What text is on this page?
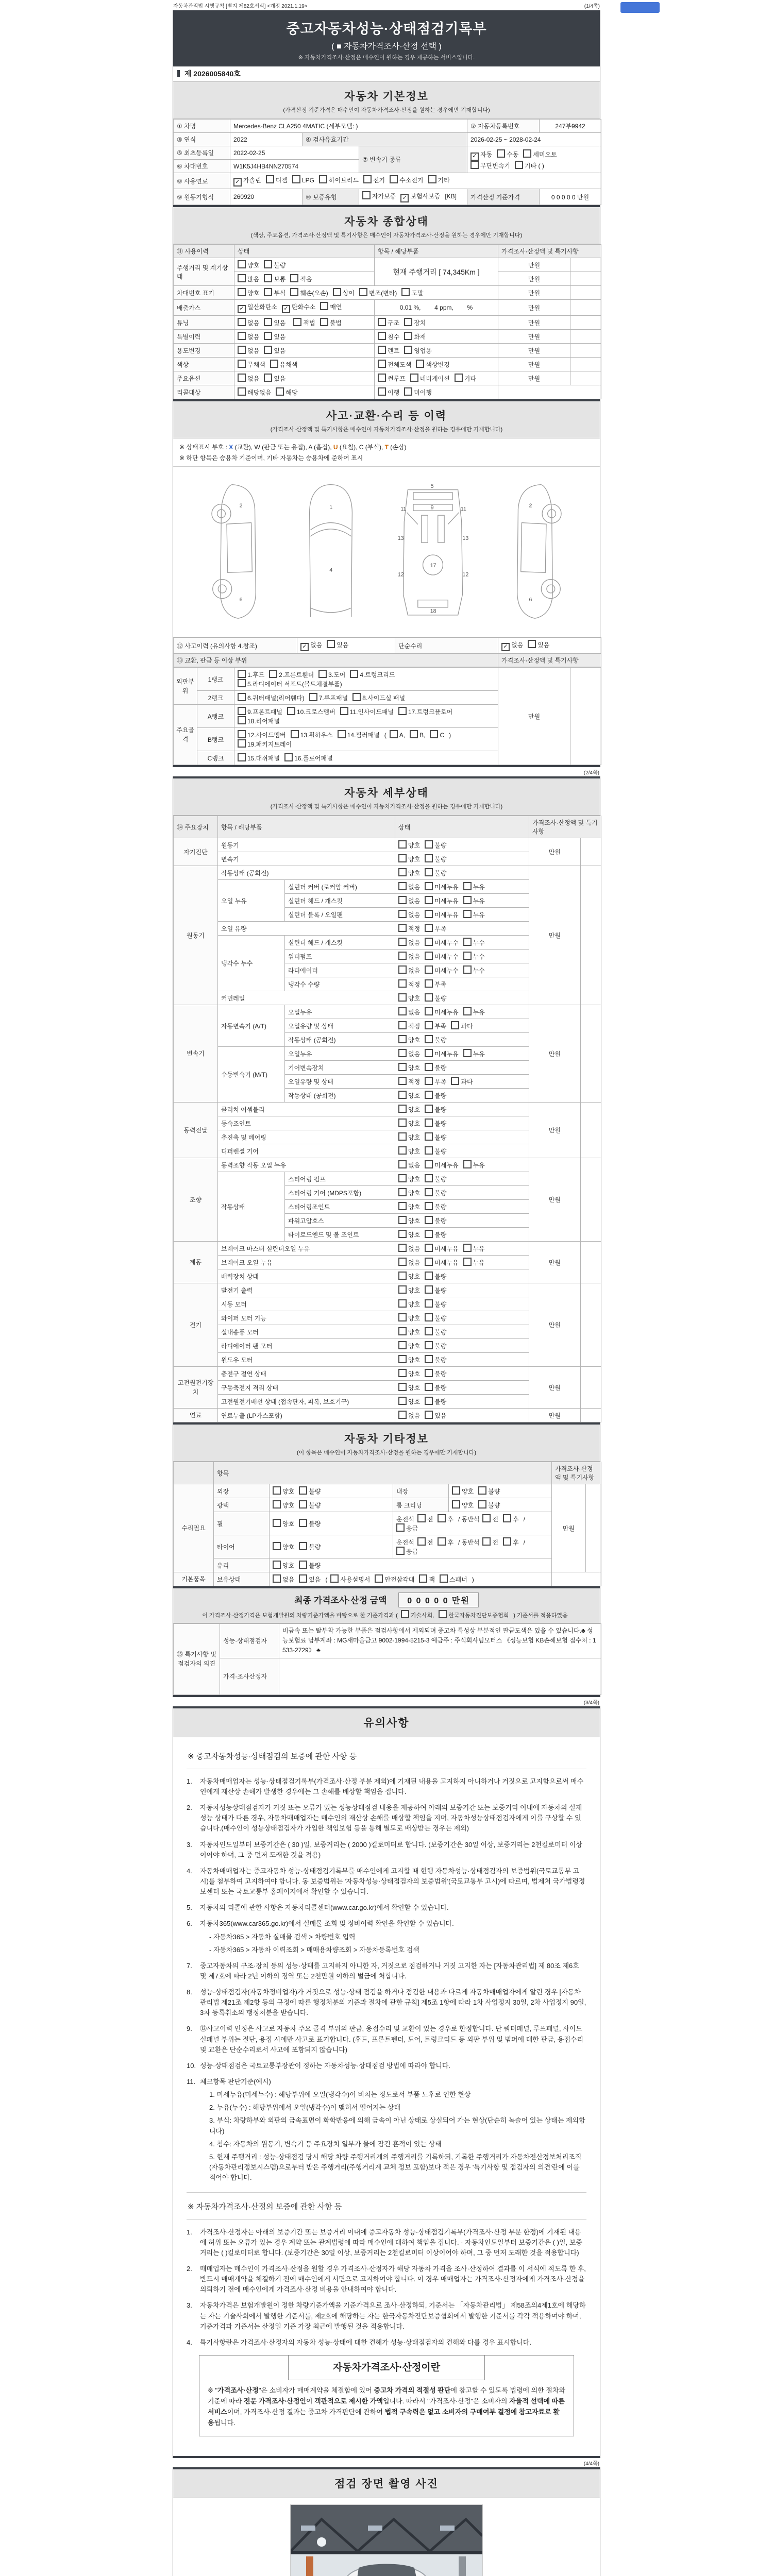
자동차관리법 시행규칙 [별지 제82호서식] <개정 2021.1.19>	(1/4쪽)
중고자동차성능·상태점검기록부
( ■ 자동차가격조사·산정 선택 )
※ 자동차가격조사·산정은 매수인이 원하는 경우 제공하는 서비스입니다.
제 2026005840호
자동차 기본정보
(가격산정 기준가격은 매수인이 자동차가격조사·산정을 원하는 경우에만 기재합니다)
① 차명	Mercedes-Benz CLA250 4MATIC (세부모델: )			② 자동차등록번호	247부9942
③ 연식	2022	④ 검사유효기간		2026-02-25 ~ 2028-02-24	
⑤ 최초등록일	2022-02-25		⑦ 변속기 종류	✓ 자동 수동 세미오토
무단변속기 기타 ( )	
⑥ 차대번호	W1K5J4HB4NN270574				
⑧ 사용연료	✓ 가솔린 디젤 LPG 하이브리드 전기 수소전기 기타				
⑨ 원동기형식	260920	⑩ 보증유형	자가보증 ✓ 보험사보증 [KB]	가격산정 기준가격	0 0 0 0 0 만원
자동차 종합상태
(색상, 주요옵션, 가격조사·산정액 및 특기사항은 매수인이 자동차가격조사·산정을 원하는 경우에만 기재합니다)
⑪ 사용이력	상태	항목 / 해당부품	가격조사·산정액 및 특기사항	
주행거리 및 계기상태	양호 불량	현재 주행거리 [ 74,345Km ]	만원	
	많음 보통 적음		만원	
차대번호 표기	양호 부식 훼손(오손) 상이 변조(변타) 도말		만원	
배출가스	✓ 일산화탄소 ✓ 탄화수소 매연	0.01 %,        4 ppm,        %	만원	
튜닝	없음 있음 적법 불법	구조 장치	만원	
특별이력	없음 있음	침수 화재	만원	
용도변경	없음 있음	렌트 영업용	만원	
색상	무채색 유채색	전체도색 색상변경	만원	
주요옵션	없음 있음	썬루프 네비게이션 기타	만원	
리콜대상	해당없음 해당	이행 미이행		
사고·교환·수리 등 이력
(가격조사·산정액 및 특기사항은 매수인이 자동차가격조사·산정을 원하는 경우에만 기재합니다)
※ 상태표시 부호 : X (교환), W (판금 또는 용접), A (흠집), U (요철), C (부식), T (손상)
※ 하단 항목은 승용차 기준이며, 기타 자동차는 승용차에 준하여 표시
2
6
1
4
5
9
11	11
13	13
12	12
17
18
2
6
⑫ 사고이력 (유의사항 4.참조)	✓ 없음 있음	단순수리	✓ 없음 있음
⑬ 교환, 판금 등 이상 부위			가격조사·산정액 및 특기사항
외판부위	1랭크	1.후드 2.프론트휀더 3.도어 4.트렁크리드
5.라디에이터 서포트(볼트체결부품)	만원	
	2랭크	6.쿼터패널(리어휀다) 7.루프패널 8.사이드실 패널		
주요골격	A랭크	9.프론트패널 10.크로스멤버 11.인사이드패널 17.트렁크플로어
18.리어패널		
	B랭크	12.사이드멤버 13.휠하우스 14.필러패널 ( A, B, C )
19.패키지트레이		
	C랭크	15.대쉬패널 16.플로어패널		
(2/4쪽)
자동차 세부상태
(가격조사·산정액 및 특기사항은 매수인이 자동차가격조사·산정을 원하는 경우에만 기재합니다)
⑭ 주요장치	항목 / 해당부품		상태	가격조사·산정액 및 특기사항	
자기진단	원동기		양호 불량	만원	
	변속기		양호 불량		
원동기	작동상태 (공회전)		양호 불량	만원	
	오일 누유	실린더 커버 (로커암 커버)	없음 미세누유 누유		
		실린더 헤드 / 개스킷	없음 미세누유 누유		
		실린더 블록 / 오일팬	없음 미세누유 누유		
	오일 유량		적정 부족		
	냉각수 누수	실린더 헤드 / 개스킷	없음 미세누수 누수		
		워터펌프	없음 미세누수 누수		
		라디에이터	없음 미세누수 누수		
		냉각수 수량	적정 부족		
	커먼레일		양호 불량		
변속기	자동변속기 (A/T)	오일누유	없음 미세누유 누유	만원	
		오일유량 및 상태	적정 부족 과다		
		작동상태 (공회전)	양호 불량		
	수동변속기 (M/T)	오일누유	없음 미세누유 누유		
		기어변속장치	양호 불량		
		오일유량 및 상태	적정 부족 과다		
		작동상태 (공회전)	양호 불량		
동력전달	클러치 어셈블리		양호 불량	만원	
	등속조인트		양호 불량		
	추진축 및 베어링		양호 불량		
	디퍼렌셜 기어		양호 불량		
조향	동력조향 작동 오일 누유		없음 미세누유 누유	만원	
	작동상태	스티어링 펌프	양호 불량		
		스티어링 기어 (MDPS포함)	양호 불량		
		스티어링조인트	양호 불량		
		파워고압호스	양호 불량		
		타이로드엔드 및 볼 조인트	양호 불량		
제동	브레이크 마스터 실린더오일 누유		없음 미세누유 누유	만원	
	브레이크 오일 누유		없음 미세누유 누유		
	배력장치 상태		양호 불량		
전기	발전기 출력		양호 불량	만원	
	시동 모터		양호 불량		
	와이퍼 모터 기능		양호 불량		
	실내송풍 모터		양호 불량		
	라디에이터 팬 모터		양호 불량		
	윈도우 모터		양호 불량		
고전원전기장치	충전구 절연 상태		양호 불량	만원	
	구동축전지 격리 상태		양호 불량		
	고전원전기배선 상태 (접속단자, 피복, 보호기구)		양호 불량		
연료	연료누출 (LP가스포함)		없음 있음	만원	
자동차 기타정보
(이 항목은 매수인이 자동차가격조사·산정을 원하는 경우에만 기재합니다)
	항목				가격조사·산정액 및 특기사항	
수리필요	외장	양호 불량	내장	양호 불량	만원	
	광택	양호 불량	룸 크리닝	양호 불량		
	휠	양호 불량	운전석 전 후 / 동반석 전 후 /응급			
	타이어	양호 불량	운전석 전 후 / 동반석 전 후 /응급			
	유리	양호 불량				
기본품목	보유상태	없음 있음 ( 사용설명서 안전삼각대 잭 스패너 )				
최종 가격조사·산정 금액 0 0 0 0 0 만원
이 가격조사·산정가격은 보험개발원의 차량기준가액을 바탕으로 한 기준가격과 ( 기술사회,	한국자동차진단보증협회 ) 기준서를 적용하였음
⑮ 특기사항 및 점검자의 의견	성능·상태점검자	비금속 또는 탈부착 가능한 부품은 점검사항에서 제외되며 중고차 특성상 부분적인 판금도색은 있을 수 있습니다.♣ 성능보험료 납부계좌 : MG새마을금고 9002-1994-5215-3 예금주 : 주식회사팀모터스 《성능보험 KB손해보험 접수처 : 1533-2729》 ♣
	가격·조사산정자	
(3/4쪽)
유의사항
※ 중고자동차성능·상태점검의 보증에 관한 사항 등
1.	자동차매매업자는 성능·상태점검기록부(가격조사·산정 부분 제외)에 기재된 내용을 고지하지 아니하거나 거짓으로 고지함으로써 매수인에게 재산상 손해가 발생한 경우에는 그 손해를 배상할 책임을 집니다.
2.	자동차성능상태점검자가 거짓 또는 오류가 있는 성능상태점검 내용을 제공하여 아래의 보증기간 또는 보증거리 이내에 자동차의 실제 성능 상태가 다른 경우, 자동차매매업자는 매수인의 재산상 손해를 배상할 책임을 지며, 자동차성능상태점검자에게 이를 구상할 수 있습니다.(매수인이 성능상태점검자가 가입한 책임보험 등을 통해 별도로 배상받는 경우는 제외)
3.	자동차인도일부터 보증기간은 ( 30 )일, 보증거리는 ( 2000 )킬로미터로 합니다. (보증기간은 30일 이상, 보증거리는 2천킬로미터 이상이어야 하며, 그 중 먼저 도래한 것을 적용)
4.	자동차매매업자는 중고자동차 성능·상태점검기록부를 매수인에게 고지할 때 현행 자동차성능·상태점검자의 보증범위(국토교통부 고시)를 첨부하여 고지하여야 합니다. 동 보증범위는 '자동차성능·상태점검자의 보증범위'(국토교통부 고시)에 따르며, 법제처 국가법령정보센터 또는 국토교통부 홈페이지에서 확인할 수 있습니다.
5.	자동차의 리콜에 관한 사항은 자동차리콜센터(www.car.go.kr)에서 확인할 수 있습니다.
6.	자동차365(www.car365.go.kr)에서 실매물 조회 및 정비이력 확인을 확인할 수 있습니다.
- 자동차365 > 자동차 실매물 검색 > 차량번호 입력
- 자동차365 > 자동차 이력조회 > 매매용차량조회 > 자동차등록번호 검색
7.	중고자동차의 구조·장치 등의 성능·상태를 고지하지 아니한 자, 거짓으로 점검하거나 거짓 고지한 자는 [자동차관리법] 제 80조 제6호 및 제7호에 따라 2년 이하의 징역 또는 2천만원 이하의 벌금에 처합니다.
8.	성능·상태점검자(자동차정비업자)가 거짓으로 성능·상태 점검을 하거나 점검한 내용과 다르게 자동차매매업자에게 알린 경우 [자동차관리법 제21조 제2항 등의 규정에 따른 행정처분의 기준과 절차에 관한 규칙] 제5조 1항에 따라 1차 사업정지 30일, 2차 사업정지 90일, 3차 등록취소의 행정처분을 받습니다.
9.	⑫사고이력 인정은 사고로 자동차 주요 골격 부위의 판금, 용접수리 및 교환이 있는 경우로 한정합니다. 단 쿼터패널, 루프패널, 사이드실패널 부위는 절단, 용접 시에만 사고로 표기합니다. (후드, 프론트펜더, 도어, 트렁크리드 등 외판 부위 및 범퍼에 대한 판금, 용접수리 및 교환은 단순수리로서 사고에 포함되지 않습니다)
10. 성능·상태점검은 국토교통부장관이 정하는 자동차성능·상태점검 방법에 따라야 합니다.
11. 체크항목 판단기준(예시)
1. 미세누유(미세누수) : 해당부위에 오일(냉각수)이 비치는 정도로서 부품 노후로 인한 현상
2. 누유(누수) : 해당부위에서 오일(냉각수)이 맺혀서 떨어지는 상태
3. 부식: 차량하부와 외판의 금속표면이 화학반응에 의해 금속이 아닌 상태로 상실되어 가는 현상(단순히 녹슬어 있는 상태는 제외합니다)
4. 침수: 자동차의 원동기, 변속기 등 주요장치 일부가 물에 잠긴 흔적이 있는 상태
5. 현재 주행거리 : 성능·상태점검 당시 해당 차량 주행거리계의 주행거리를 기록하되, 기록한 주행거리가 자동차전산정보처리조직(자동차관리정보시스템)으로부터 받은 주행거리(주행거리계 교체 정보 포함)보다 적은 경우 '특기사항 및 점검자의 의견'란에 이를 적어야 합니다.
※ 자동차가격조사·산정의 보증에 관한 사항 등
1.	가격조사·산정자는 아래의 보증기간 또는 보증거리 이내에 중고자동차 성능·상태점검기록부(가격조사·산정 부분 한정)에 기재된 내용에 허위 또는 오류가 있는 경우 계약 또는 관계법령에 따라 매수인에 대하여 책임을 집니다. · 자동차인도일부터 보증기간은 ( )일, 보증거리는 ( )킬로미터로 합니다. (보증기간은 30일 이상, 보증거리는 2천킬로미터 이상이어야 하며, 그 중 먼저 도래한 것을 적용합니다)
2.	매매업자는 매수인이 가격조사·산정을 원할 경우 가격조사·산정자가 해당 자동차 가격을 조사·산정하여 결과를 이 서식에 적도록 한 후, 반드시 매매계약을 체결하기 전에 매수인에게 서면으로 고지하여야 합니다. 이 경우 매매업자는 가격조사·산정자에게 가격조사·산정을 의뢰하기 전에 매수인에게 가격조사·산정 비용을 안내하여야 합니다.
3.	자동차가격은 보험개발원이 정한 차량기준가액을 기준가격으로 조사·산정하되, 기준서는 「자동차관리법」 제58조의4제1호에 해당하는 자는 기술사회에서 발행한 기준서를, 제2호에 해당하는 자는 한국자동차진단보증협회에서 발행한 기준서를 각각 적용하여야 하며, 기준가격과 기준서는 산정일 기준 가장 최근에 발행된 것을 적용합니다.
4.	특기사항란은 가격조사·산정자의 자동차 성능·상태에 대한 견해가 성능·상태점검자의 견해와 다를 경우 표시합니다.
자동차가격조사·산정이란
※ "가격조사·산정"은 소비자가 매매계약을 체결함에 있어 중고차 가격의 적절성 판단에 참고할 수 있도록 법령에 의한 절차와 기준에 따라 전문 가격조사·산정인이 객관적으로 제시한 가액입니다. 따라서 "가격조사·산정"은 소비자의 자율적 선택에 따른 서비스이며, 가격조사·산정 결과는 중고차 가격판단에 관하여 법적 구속력은 없고 소비자의 구매여부 결정에 참고자료로 활용됩니다.
(4/4쪽)
점검 장면 촬영 사진
